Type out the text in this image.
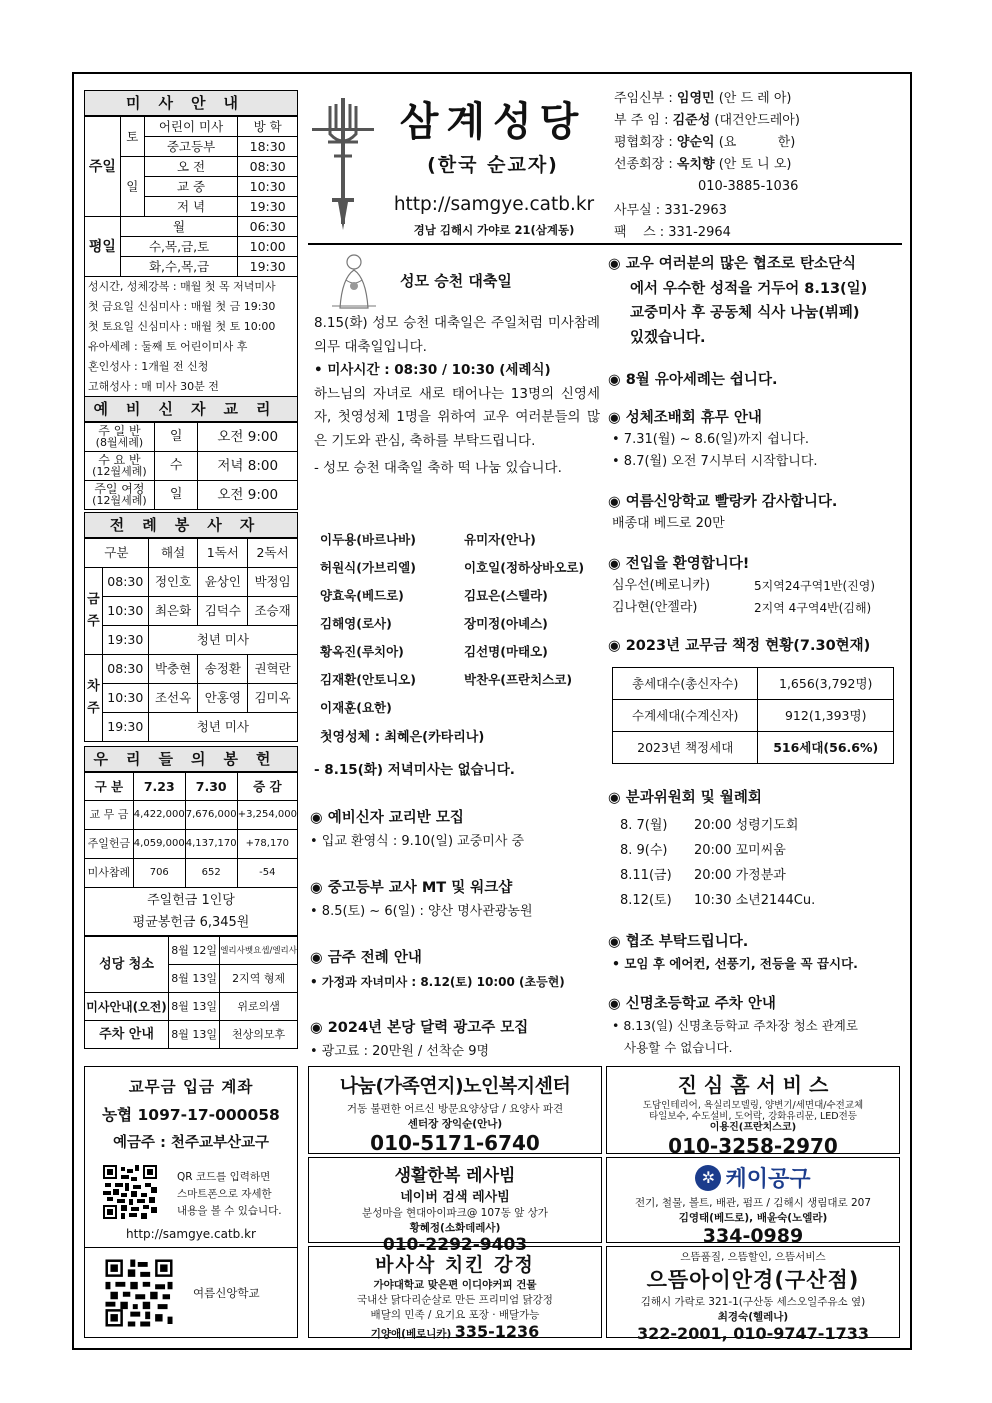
미사안내
주일	토	어린이 미사	방 학
		중고등부	18:30
	일	오 전	08:30
		교 중	10:30
		저 녁	19:30
평일	월		06:30
	수,목,금,토		10:00
	화,수,목,금		19:30
성시간, 성체강복 : 매월 첫 목 저녁미사
첫 금요일 신심미사 : 매월 첫 금 19:30
첫 토요일 신심미사 : 매월 첫 토 10:00
유아세례 : 둘째 토 어린이미사 후
혼인성사 : 1개월 전 신청
고해성사 : 매 미사 30분 전
예비신자교리
주 일 반
(8월세례)	일	오전 9:00

수 요 반
(12월세례)	수	저녁 8:00

주일 여정
(12월세례)	일	오전 9:00
전례봉사자
구분		해설	1독서	2독서
금 주	08:30	정인호	윤상인	박정임
	10:30	최은화	김덕수	조승재
	19:30	청년 미사		
차 주	08:30	박충현	송정환	권혁란
	10:30	조선옥	안홍영	김미옥
	19:30	청년 미사		
우리들의봉헌
구 분	7.23	7.30	증 감
교 무 금	4,422,000	7,676,000	+3,254,000
주일헌금	4,059,000	4,137,170	+78,170
미사참례	706	652	-54

주일헌금 1인당
평균봉헌금 6,345원			
성당 청소	8월 12일	엘리사벳요셉/엘리사
	8월 13일	2지역 형제
미사안내(오전)	8월 13일	위로의샘
주차 안내	8월 13일	천상의모후
교무금 입금 계좌
농협 1097-17-000058
예금주 : 천주교부산교구
QR 코드를 입력하면
스마트폰으로 자세한
내용을 볼 수 있습니다.
http://samgye.catb.kr
여름신앙학교
삼계성당
(한국 순교자)
http://samgye.catb.kr
경남 김해시 가야로 21(삼계동)
주임신부 : 임영민 (안 드 레 아)
부 주 임 : 김준성 (대건안드레아)
평협회장 : 양순익 (요          한)
선종회장 : 옥치향 (안 토 니 오)
010-3885-1036
사무실 : 331-2963
팩    스 : 331-2964
성모 승천 대축일
8.15(화) 성모 승천 대축일은 주일처럼 미사참례 의무 대축일입니다.
• 미사시간 : 08:30 / 10:30 (세례식)
하느님의 자녀로 새로 태어나는 13명의 신영세자, 첫영성체 1명을 위하여 교우 여러분들의 많은 기도와 관심, 축하를 부탁드립니다.
- 성모 승천 대축일 축하 떡 나눔 있습니다.
이두용(바르나바)	유미자(안나)
허원식(가브리엘)	이호일(정하상바오로)
양효욱(베드로)	김묘은(스텔라)
김해영(로사)	장미정(아녜스)
황옥진(루치아)	김선명(마태오)
김재환(안토니오)	박찬우(프란치스코)
이재훈(요한)
첫영성체 : 최혜은(카타리나)
- 8.15(화) 저녁미사는 없습니다.
◉ 예비신자 교리반 모집
• 입교 환영식 : 9.10(일) 교중미사 중
◉ 중고등부 교사 MT 및 워크샵
• 8.5(토) ~ 6(일) : 양산 명사관광농원
◉ 금주 전례 안내
• 가정과 자녀미사 : 8.12(토) 10:00 (초등현)
◉ 2024년 본당 달력 광고주 모집
• 광고료 : 20만원 / 선착순 9명
◉ 교우 여러분의 많은 협조로 탄소단식
에서 우수한 성적을 거두어 8.13(일)
교중미사 후 공동체 식사 나눔(뷔페)
있겠습니다.
◉ 8월 유아세례는 쉽니다.
◉ 성체조배회 휴무 안내
• 7.31(월) ~ 8.6(일)까지 쉽니다.
• 8.7(월) 오전 7시부터 시작합니다.
◉ 여름신앙학교 빨랑카 감사합니다.
배종대 베드로 20만
◉ 전입을 환영합니다!
심우선(베로니카)	5지역24구역1반(진영)
김나현(안젤라)	2지역 4구역4반(김해)
◉ 2023년 교무금 책정 현황(7.30현재)
총세대수(총신자수)	1,656(3,792명)
수계세대(수계신자)	912(1,393명)
2023년 책정세대	516세대(56.6%)
◉ 분과위원회 및 월례회
8. 7(월) 20:00 성령기도회
8. 9(수) 20:00 꼬미씨움
8.11(금) 20:00 가정분과
8.12(토) 10:30 소년2144Cu.
◉ 협조 부탁드립니다.
• 모임 후 에어컨, 선풍기, 전등을 꼭 끕시다.
◉ 신명초등학교 주차 안내
• 8.13(일) 신명초등학교 주차장 청소 관계로
사용할 수 없습니다.
나눔(가족연지)노인복지센터
거동 불편한 어르신 방문요양상담 / 요양사 파견
센터장 장익순(안나)
010-5171-6740
진 심 홈 서 비 스
도담인테리어, 욕실리모델링, 양변기/세면대/수전교체
타일보수, 수도설비, 도어락, 강화유리문, LED전등
이용진(프란치스코)
010-3258-2970
생활한복 레사빔
네이버 검색 레사빔
분성마을 현대아이파크@ 107동 앞 상가
황혜정(소화데레사)
010-2292-9403
✲ 케이공구
전기, 철물, 볼트, 배관, 펌프 / 김해시 생림대로 207
김영태(베드로), 배윤숙(노엘라)
334-0989
바사삭 치킨 강정
가야대학교 맞은편 이디야커피 건물
국내산 닭다리순살로 만든 프리미엄 닭강정
배달의 민족 / 요기요 포장 · 배달가능
기양애(베로니카) 335-1236
으뜸품질, 으뜸할인, 으뜸서비스
으뜸아이안경(구산점)
김해시 가락로 321-1(구산동 세스오일주유소 옆)
최경숙(헬레나)
322-2001, 010-9747-1733
